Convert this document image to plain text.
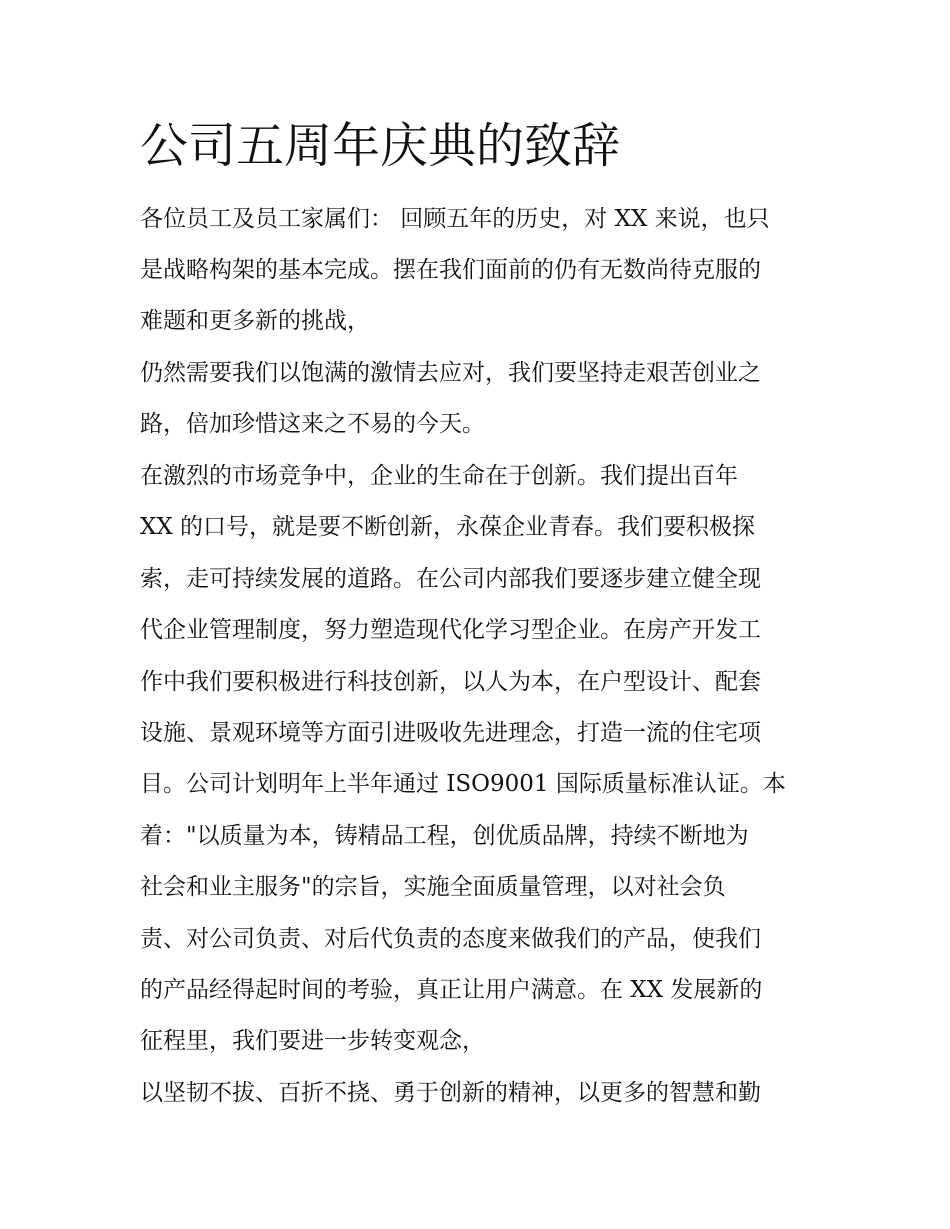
公司五周年庆典的致辞
各位员工及员工家属们： 回顾五年的历史，对 XX 来说，也只
是战略构架的基本完成。摆在我们面前的仍有无数尚待克服的
难题和更多新的挑战，
仍然需要我们以饱满的激情去应对，我们要坚持走艰苦创业之
路，倍加珍惜这来之不易的今天。
在激烈的市场竞争中，企业的生命在于创新。我们提出百年
XX 的口号，就是要不断创新，永葆企业青春。我们要积极探
索，走可持续发展的道路。在公司内部我们要逐步建立健全现
代企业管理制度，努力塑造现代化学习型企业。在房产开发工
作中我们要积极进行科技创新，以人为本，在户型设计、配套
设施、景观环境等方面引进吸收先进理念，打造一流的住宅项
目。公司计划明年上半年通过 ISO9001 国际质量标准认证。本
着："以质量为本，铸精品工程，创优质品牌，持续不断地为
社会和业主服务"的宗旨，实施全面质量管理，以对社会负
责、对公司负责、对后代负责的态度来做我们的产品，使我们
的产品经得起时间的考验，真正让用户满意。在 XX 发展新的
征程里，我们要进一步转变观念，
以坚韧不拔、百折不挠、勇于创新的精神，以更多的智慧和勤
